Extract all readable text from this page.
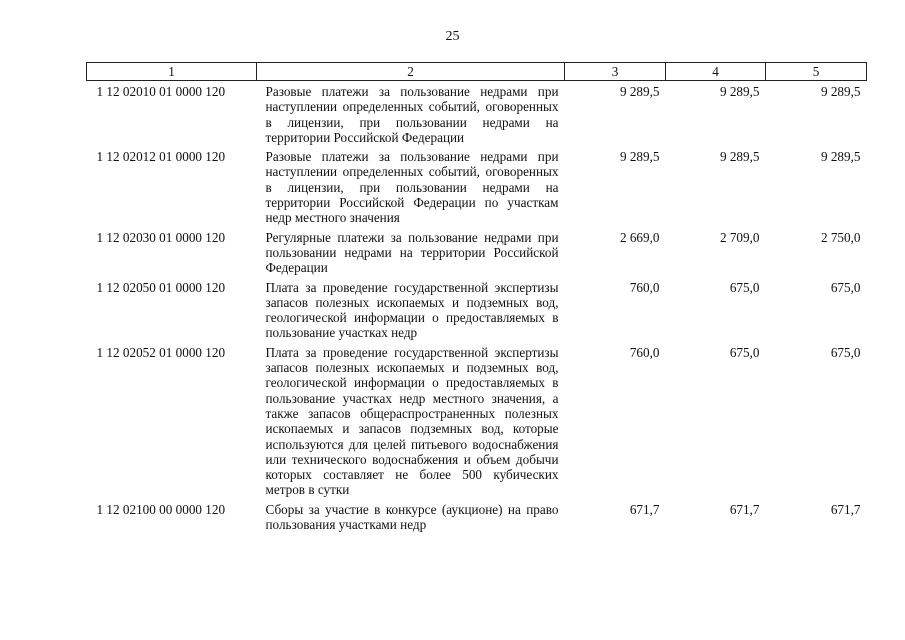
25
1	2	3	4	5
1 12 02010 01 0000 120	Разовые платежи за пользование недрами при наступлении определенных событий, оговоренных в лицензии, при пользовании недрами на территории Российской Федерации	9 289,5	9 289,5	9 289,5
1 12 02012 01 0000 120	Разовые платежи за пользование недрами при наступлении определенных событий, оговоренных в лицензии, при пользовании недрами на территории Российской Федерации по участкам недр местного значения	9 289,5	9 289,5	9 289,5
1 12 02030 01 0000 120	Регулярные платежи за пользование недрами при пользовании недрами на территории Российской Федерации	2 669,0	2 709,0	2 750,0
1 12 02050 01 0000 120	Плата за проведение государственной экспертизы запасов полезных ископаемых и подземных вод, геологической информации о предоставляемых в пользование участках недр	760,0	675,0	675,0
1 12 02052 01 0000 120	Плата за проведение государственной экспертизы запасов полезных ископаемых и подземных вод, геологической информации о предоставляемых в пользование участках недр местного значения, а также запасов общераспространенных полезных ископаемых и запасов подземных вод, которые используются для целей питьевого водоснабжения или технического водоснабжения и объем добычи которых составляет не более 500 кубических метров в сутки	760,0	675,0	675,0
1 12 02100 00 0000 120	Сборы за участие в конкурсе (аукционе) на право пользования участками недр	671,7	671,7	671,7
